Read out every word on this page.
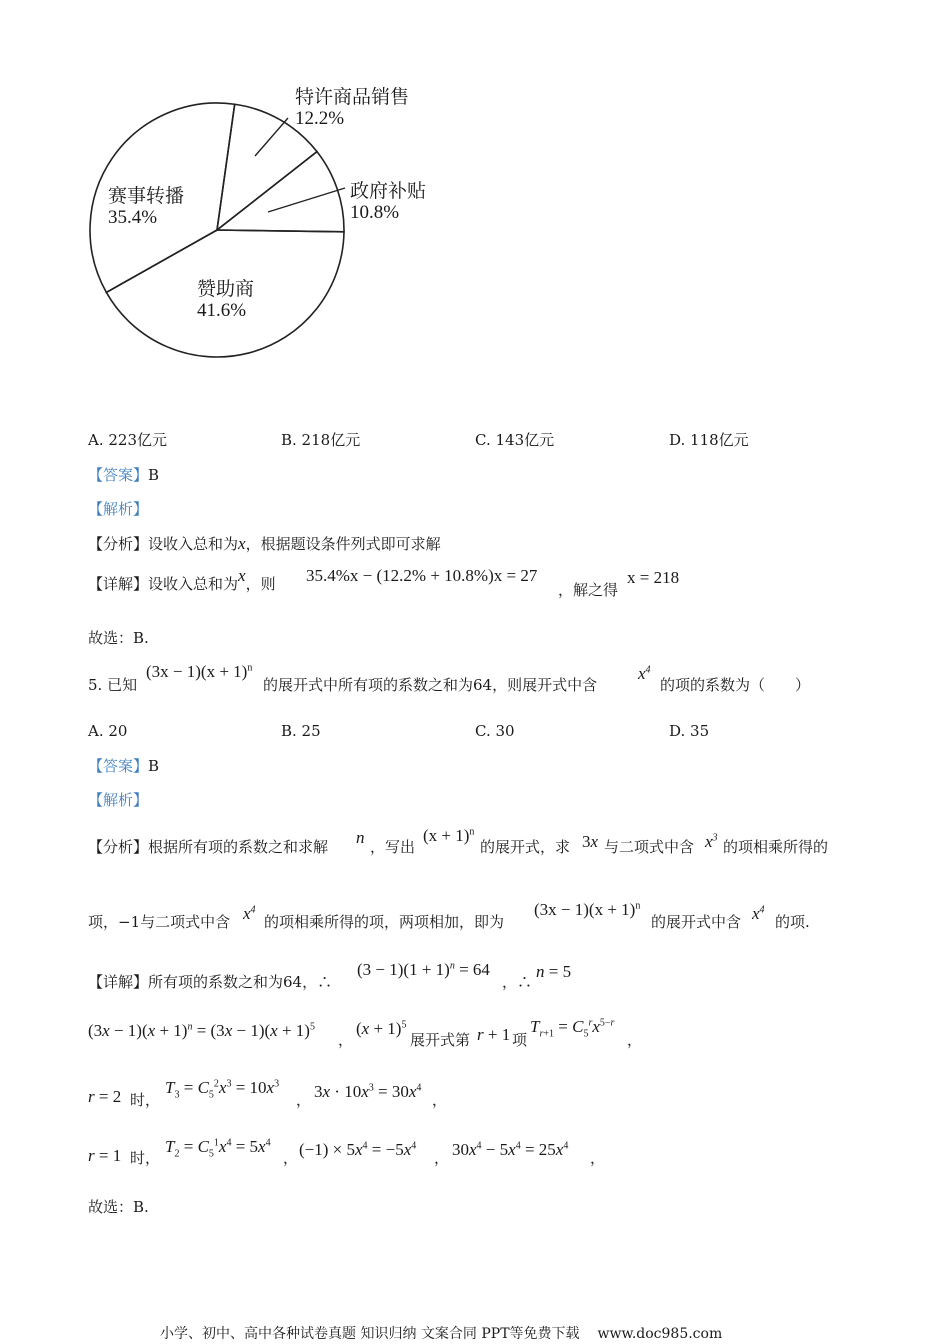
特许商品销售
12.2%
政府补贴
10.8%
赞助商
41.6%
赛事转播
35.4%
A. 223亿元	B. 218亿元	C. 143亿元	D. 118亿元
【答案】B
【解析】
【分析】设收入总和为x，根据题设条件列式即可求解
【详解】设收入总和为x，则 35.4%x − (12.2% + 10.8%)x = 27
，解之得
x = 218
故选：B.
5. 已知
$(3x - 1)(x + 1)^n$
的展开式中所有项的系数之和为64，则展开式中含
$x^4$
的项的系数为（　　）
A. 20	B. 25	C. 30	D. 35
【答案】B
【解析】
【分析】根据所有项的系数之和求解 n ，写出
$(x + 1)^n$
的展开式，求 3x 与二项式中含 $x^3$
的项相乘所得的
项，−1与二项式中含 $x^4$
的项相乘所得的项，两项相加，即为
$(3x - 1)(x + 1)^n$
的展开式中含 $x^4$
的项.
【详解】所有项的系数之和为64，∴
$(3 - 1)(1 + 1)^n = 64$
，∴
n = 5
$(3x - 1)(x + 1)^n = (3x - 1)(x + 1)^5$
，
$(x + 1)^5$
展开式第 r + 1 项
$T_{r+1} = C_5^rx^{5-r}$
，
r = 2 时，
$T_3 = C_5^2x^3 = 10x^3$
， $3x \cdot 10x^3 = 30x^4$
，
r = 1 时，
$T_2 = C_5^1x^4 = 5x^4$
， $(-1) \times 5x^4 = -5x^4$
， $30x^4 - 5x^4 = 25x^4$
，
故选：B.
小学、初中、高中各种试卷真题 知识归纳 文案合同 PPT等免费下载 www.doc985.com
